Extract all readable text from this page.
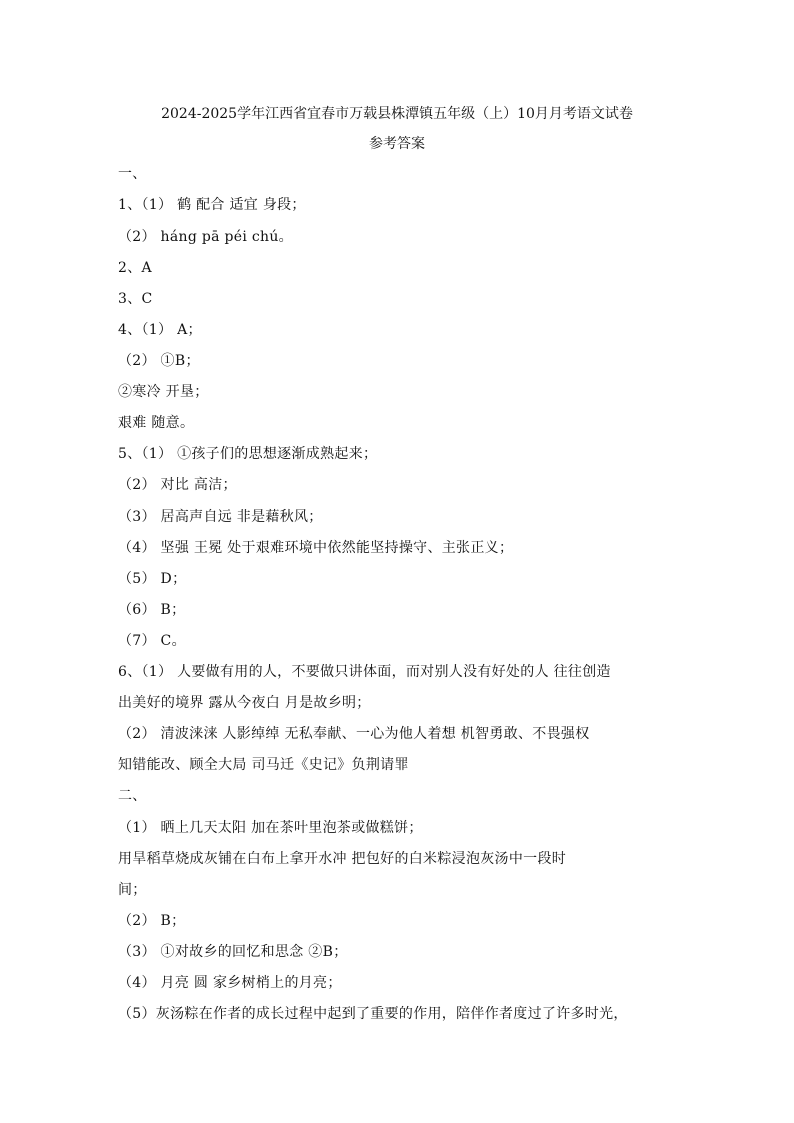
2024-2025学年江西省宜春市万载县株潭镇五年级（上）10月月考语文试卷
参考答案
一、
1、（1） 鹤 配合 适宜 身段；
（2） háng pā péi chú。
2、A
3、C
4、（1） A；
（2） ①B；
②寒冷 开垦；
艰难 随意。
5、（1） ①孩子们的思想逐渐成熟起来；
（2） 对比 高洁；
（3） 居高声自远 非是藉秋风；
（4） 坚强 王冕 处于艰难环境中依然能坚持操守、主张正义；
（5） D；
（6） B；
（7） C。
6、（1） 人要做有用的人，不要做只讲体面，而对别人没有好处的人 往往创造
出美好的境界 露从今夜白 月是故乡明；
（2） 清波涞涞 人影绰绰 无私奉献、一心为他人着想 机智勇敢、不畏强权
知错能改、顾全大局 司马迁《史记》负荆请罪
二、
（1） 晒上几天太阳 加在茶叶里泡茶或做糕饼；
用旱稻草烧成灰铺在白布上拿开水冲 把包好的白米粽浸泡灰汤中一段时
间；
（2） B；
（3） ①对故乡的回忆和思念 ②B；
（4） 月亮 圆 家乡树梢上的月亮；
（5）灰汤粽在作者的成长过程中起到了重要的作用，陪伴作者度过了许多时光，
